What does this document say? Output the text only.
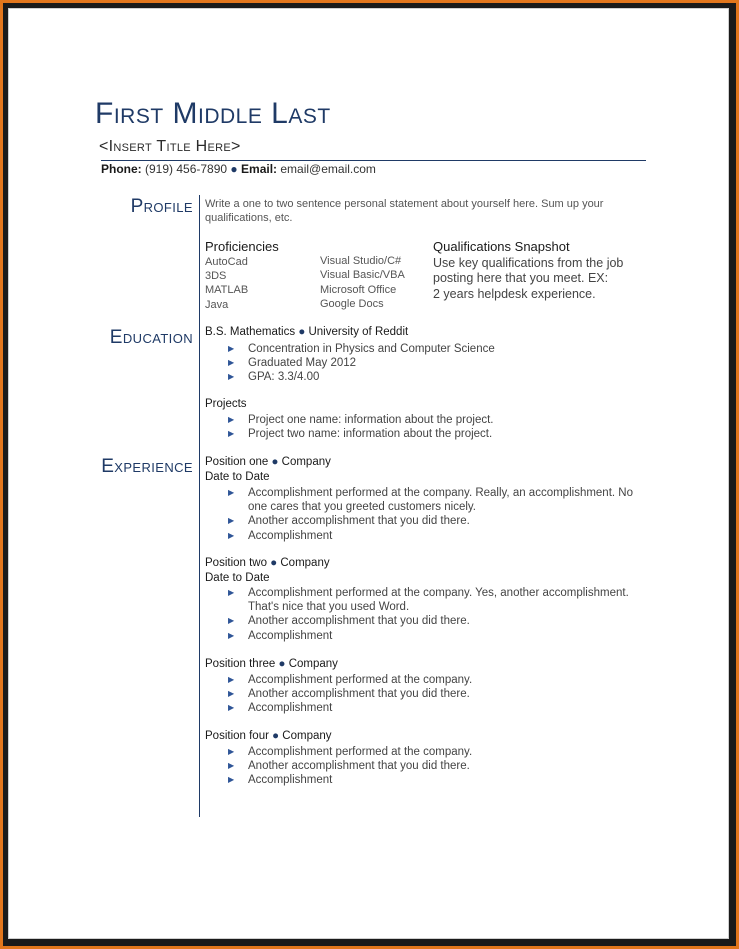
First Middle Last
<Insert Title Here>
Phone: (919) 456-7890 ● Email: email@email.com
Profile Write a one to two sentence personal statement about yourself here. Sum up your
qualifications, etc.
Proficiencies
AutoCad
3DS
MATLAB
Java
Visual Studio/C#
Visual Basic/VBA
Microsoft Office
Google Docs
Qualifications Snapshot
Use key qualifications from the job
posting here that you meet. EX:
2 years helpdesk experience.
Education B.S. Mathematics ● University of Reddit
▶ Concentration in Physics and Computer Science
▶ Graduated May 2012
▶ GPA: 3.3/4.00
Projects
▶ Project one name: information about the project.
▶ Project two name: information about the project.
Experience Position one ● Company
Date to Date
▶ Accomplishment performed at the company. Really, an accomplishment. No
one cares that you greeted customers nicely.
▶ Another accomplishment that you did there.
▶ Accomplishment
Position two ● Company
Date to Date
▶ Accomplishment performed at the company. Yes, another accomplishment.
That's nice that you used Word.
▶ Another accomplishment that you did there.
▶ Accomplishment
Position three ● Company
▶ Accomplishment performed at the company.
▶ Another accomplishment that you did there.
▶ Accomplishment
Position four ● Company
▶ Accomplishment performed at the company.
▶ Another accomplishment that you did there.
▶ Accomplishment
